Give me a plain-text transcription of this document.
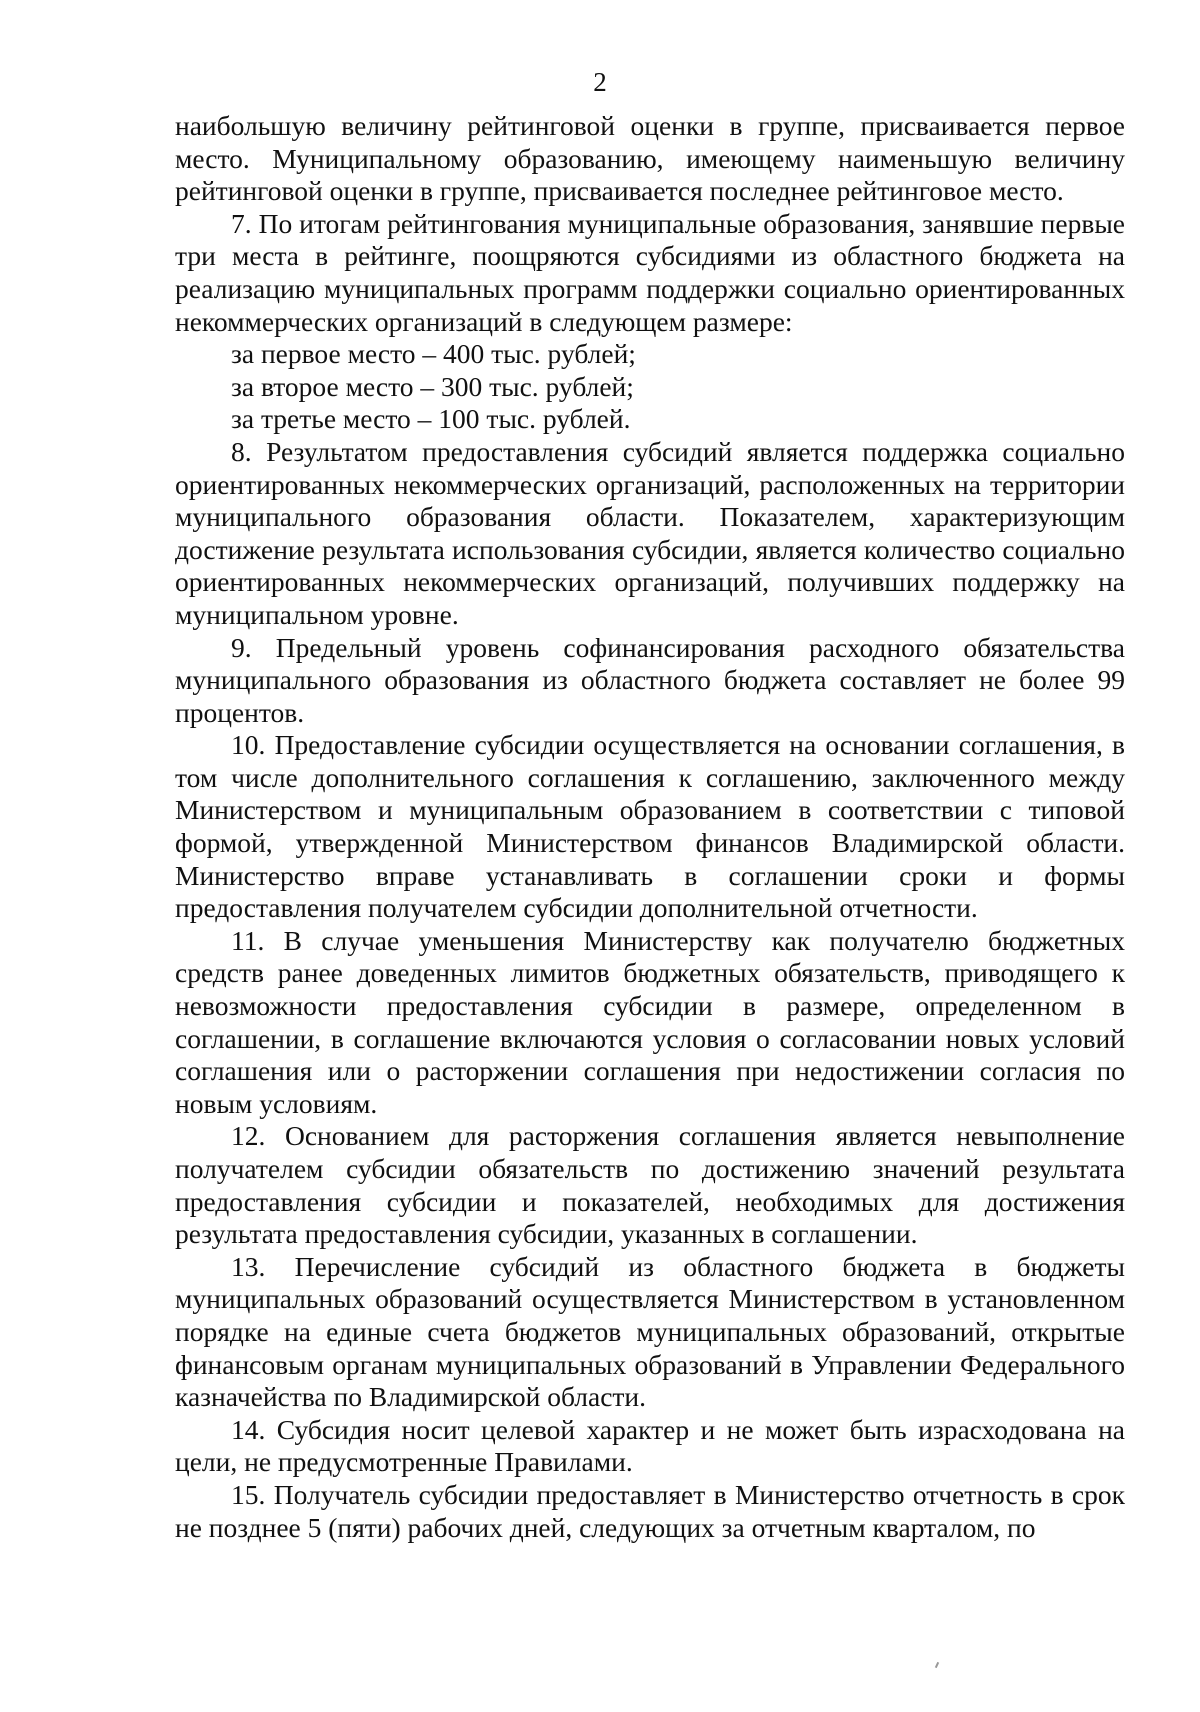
2

наибольшую величину рейтинговой оценки в группе, присваивается первое место. Муниципальному образованию, имеющему наименьшую величину рейтинговой оценки в группе, присваивается последнее рейтинговое место.

7. По итогам рейтингования муниципальные образования, занявшие первые три места в рейтинге, поощряются субсидиями из областного бюджета на реализацию муниципальных программ поддержки социально ориентированных некоммерческих организаций в следующем размере:

за первое место – 400 тыс. рублей;

за второе место – 300 тыс. рублей;

за третье место – 100 тыс. рублей.

8. Результатом предоставления субсидий является поддержка социально ориентированных некоммерческих организаций, расположенных на территории муниципального образования области. Показателем, характеризующим достижение результата использования субсидии, является количество социально ориентированных некоммерческих организаций, получивших поддержку на муниципальном уровне.

9. Предельный уровень софинансирования расходного обязательства муниципального образования из областного бюджета составляет не более 99 процентов.

10. Предоставление субсидии осуществляется на основании соглашения, в том числе дополнительного соглашения к соглашению, заключенного между Министерством и муниципальным образованием в соответствии с типовой формой, утвержденной Министерством финансов Владимирской области. Министерство вправе устанавливать в соглашении сроки и формы предоставления получателем субсидии дополнительной отчетности.

11. В случае уменьшения Министерству как получателю бюджетных средств ранее доведенных лимитов бюджетных обязательств, приводящего к невозможности предоставления субсидии в размере, определенном в соглашении, в соглашение включаются условия о согласовании новых условий соглашения или о расторжении соглашения при недостижении согласия по новым условиям.

12. Основанием для расторжения соглашения является невыполнение получателем субсидии обязательств по достижению значений результата предоставления субсидии и показателей, необходимых для достижения результата предоставления субсидии, указанных в соглашении.

13. Перечисление субсидий из областного бюджета в бюджеты муниципальных образований осуществляется Министерством в установленном порядке на единые счета бюджетов муниципальных образований, открытые финансовым органам муниципальных образований в Управлении Федерального казначейства по Владимирской области.

14. Субсидия носит целевой характер и не может быть израсходована на цели, не предусмотренные Правилами.

15. Получатель субсидии предоставляет в Министерство отчетность в срок не позднее 5 (пяти) рабочих дней, следующих за отчетным кварталом, по
